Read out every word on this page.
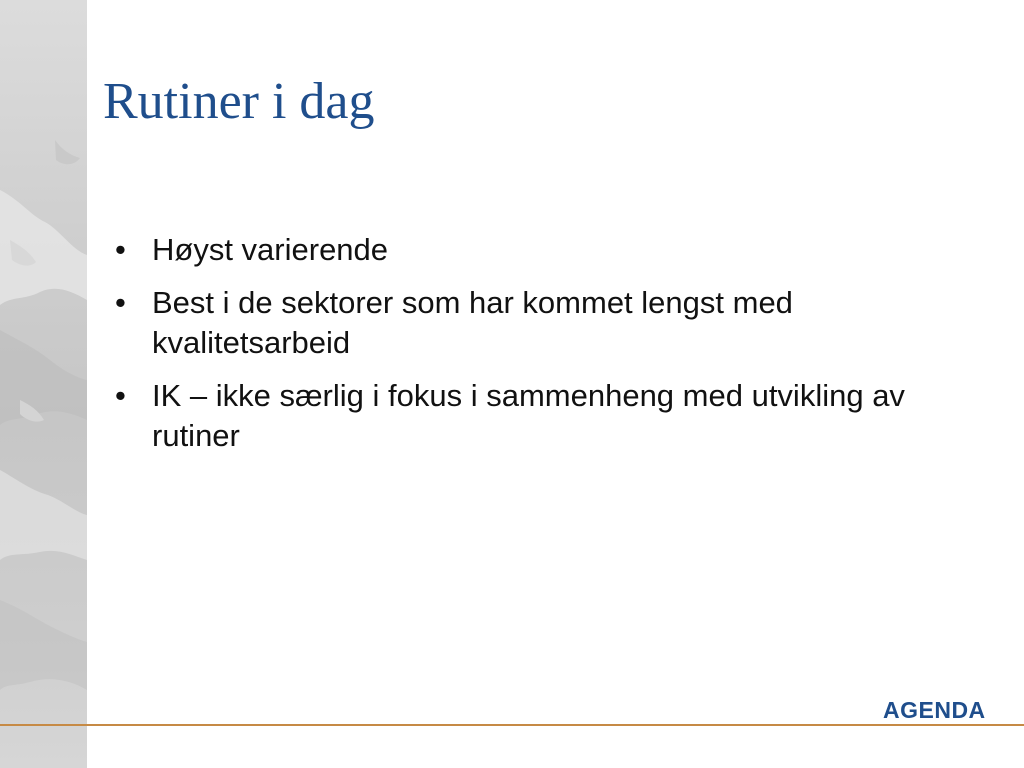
Rutiner i dag
• Høyst varierende
• Best i de sektorer som har kommet lengst med kvalitetsarbeid
• IK – ikke særlig i fokus i sammenheng med utvikling av rutiner
AGENDA
